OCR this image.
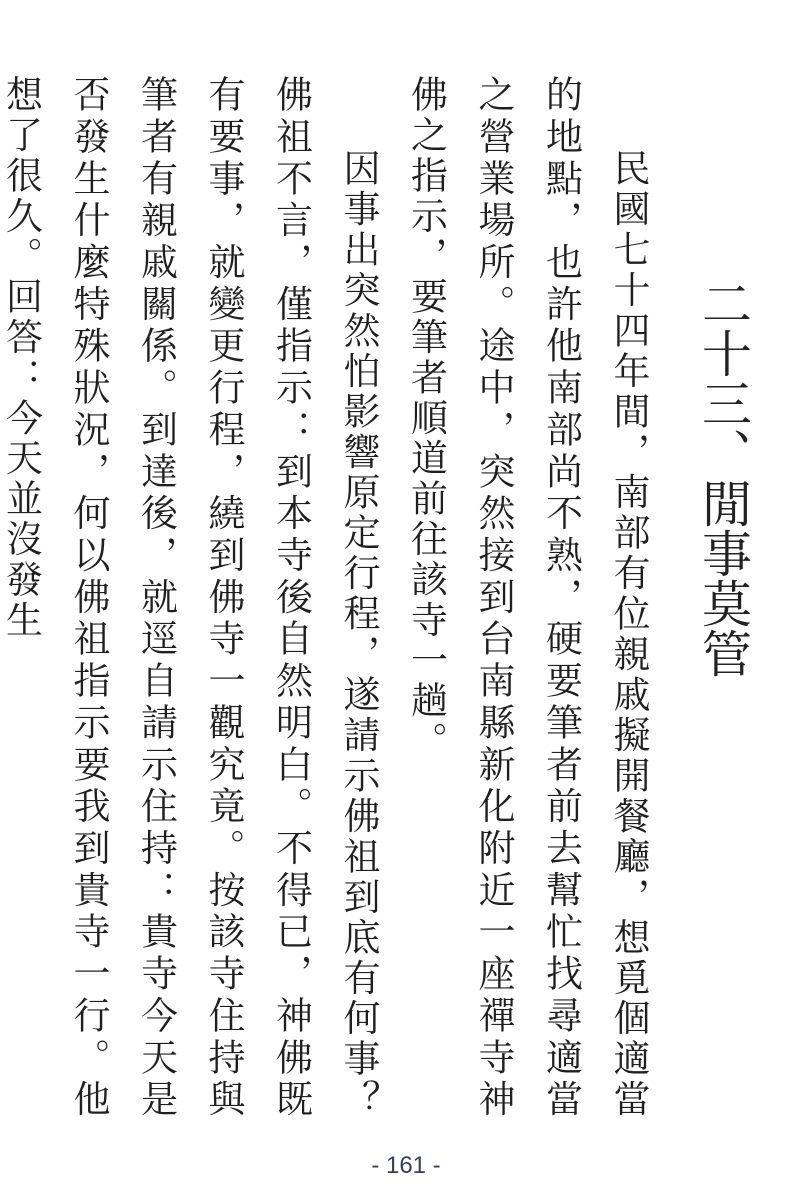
二十三、閒事莫管

民國七十四年間，南部有位親戚擬開餐廳，想覓個適當的地點，也許他南部尚不熟，硬要筆者前去幫忙找尋適當之營業場所。途中，突然接到台南縣新化附近一座禪寺神佛之指示，要筆者順道前往該寺一趟。

因事出突然怕影響原定行程，遂請示佛祖到底有何事？佛祖不言，僅指示：到本寺後自然明白。不得已，神佛既有要事，就變更行程，繞到佛寺一觀究竟。按該寺住持與筆者有親戚關係。到達後，就逕自請示住持：貴寺今天是否發生什麼特殊狀況，何以佛祖指示要我到貴寺一行。他想了很久。回答：今天並沒發生

- 161 -
